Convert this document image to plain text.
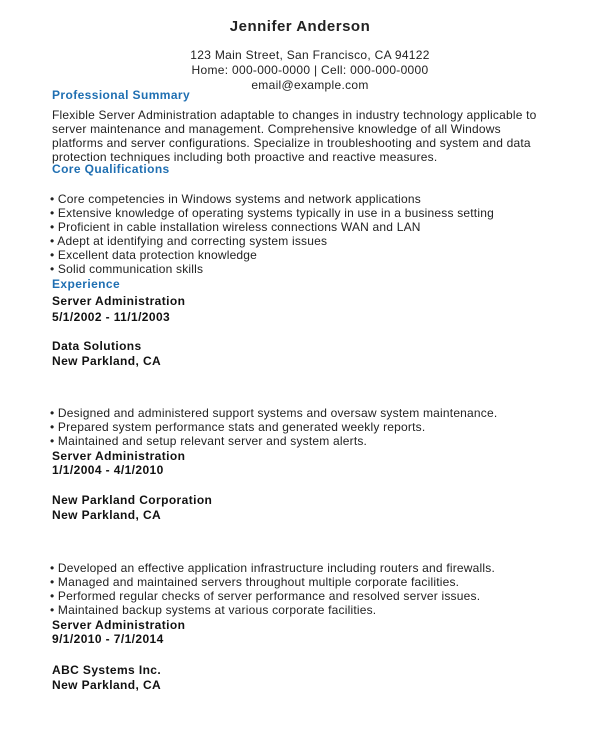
Jennifer Anderson
123 Main Street, San Francisco, CA 94122
Home: 000-000-0000 | Cell: 000-000-0000
email@example.com
Professional Summary
Flexible Server Administration adaptable to changes in industry technology applicable to
server maintenance and management. Comprehensive knowledge of all Windows
platforms and server configurations. Specialize in troubleshooting and system and data
protection techniques including both proactive and reactive measures.
Core Qualifications
• Core competencies in Windows systems and network applications
• Extensive knowledge of operating systems typically in use in a business setting
• Proficient in cable installation wireless connections WAN and LAN
• Adept at identifying and correcting system issues
• Excellent data protection knowledge
• Solid communication skills
Experience
Server Administration
5/1/2002 - 11/1/2003
Data Solutions
New Parkland, CA
• Designed and administered support systems and oversaw system maintenance.
• Prepared system performance stats and generated weekly reports.
• Maintained and setup relevant server and system alerts.
Server Administration
1/1/2004 - 4/1/2010
New Parkland Corporation
New Parkland, CA
• Developed an effective application infrastructure including routers and firewalls.
• Managed and maintained servers throughout multiple corporate facilities.
• Performed regular checks of server performance and resolved server issues.
• Maintained backup systems at various corporate facilities.
Server Administration
9/1/2010 - 7/1/2014
ABC Systems Inc.
New Parkland, CA
